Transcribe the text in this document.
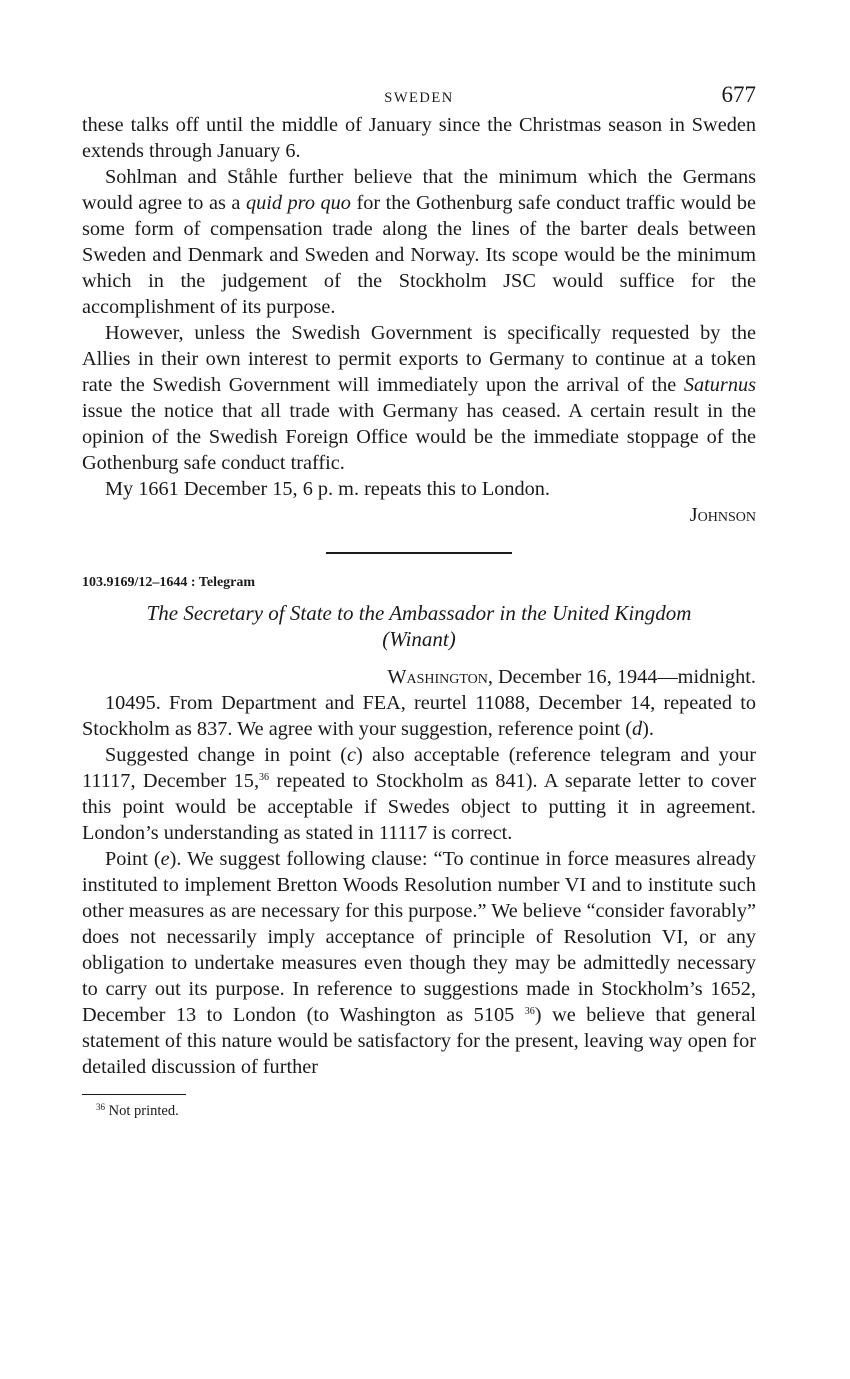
SWEDEN	677

these talks off until the middle of January since the Christmas season in Sweden extends through January 6.

Sohlman and Ståhle further believe that the minimum which the Germans would agree to as a quid pro quo for the Gothenburg safe conduct traffic would be some form of compensation trade along the lines of the barter deals between Sweden and Denmark and Sweden and Norway. Its scope would be the minimum which in the judgement of the Stockholm JSC would suffice for the accomplishment of its purpose.

However, unless the Swedish Government is specifically requested by the Allies in their own interest to permit exports to Germany to continue at a token rate the Swedish Government will immediately upon the arrival of the Saturnus issue the notice that all trade with Germany has ceased. A certain result in the opinion of the Swedish Foreign Office would be the immediate stoppage of the Gothenburg safe conduct traffic.

My 1661 December 15, 6 p. m. repeats this to London.

Johnson

103.9169/12–1644 : Telegram
The Secretary of State to the Ambassador in the United Kingdom
(Winant)

Washington, December 16, 1944—midnight.

10495. From Department and FEA, reurtel 11088, December 14, repeated to Stockholm as 837. We agree with your suggestion, reference point (d).

Suggested change in point (c) also acceptable (reference telegram and your 11117, December 15,36 repeated to Stockholm as 841). A separate letter to cover this point would be acceptable if Swedes object to putting it in agreement. London’s understanding as stated in 11117 is correct.

Point (e). We suggest following clause: “To continue in force measures already instituted to implement Bretton Woods Resolution number VI and to institute such other measures as are necessary for this purpose.” We believe “consider favorably” does not necessarily imply acceptance of principle of Resolution VI, or any obligation to undertake measures even though they may be admittedly necessary to carry out its purpose. In reference to suggestions made in Stockholm’s 1652, December 13 to London (to Washington as 5105 $^{36}$) we believe that general statement of this nature would be satisfactory for the present, leaving way open for detailed discussion of further

$^{36}$ Not printed.
